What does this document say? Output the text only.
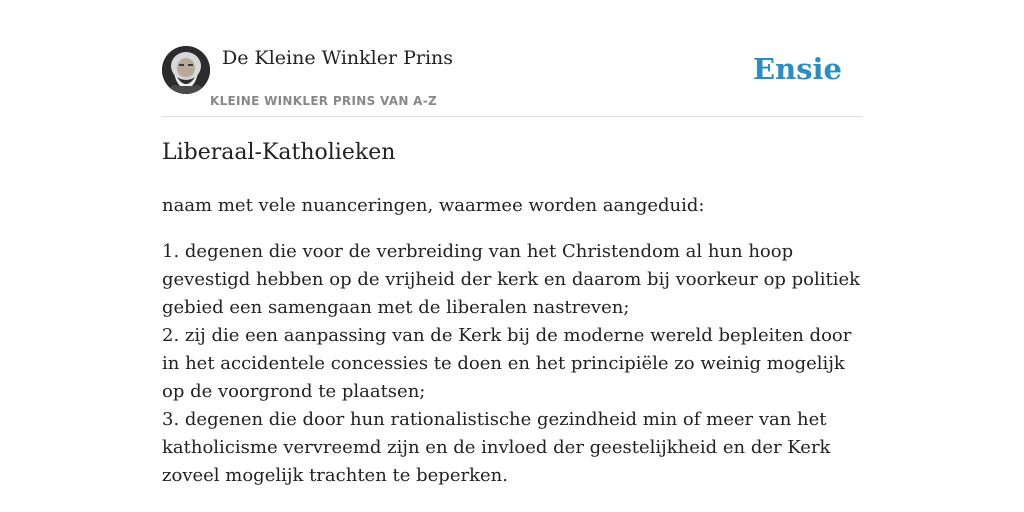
De Kleine Winkler Prins
KLEINE WINKLER PRINS VAN A-Z
Ensie
Liberaal-Katholieken

naam met vele nuanceringen, waarmee worden aangeduid:

1. degenen die voor de verbreiding van het Christendom al hun hoop gevestigd hebben op de vrijheid der kerk en daarom bij voorkeur op politiek gebied een samengaan met de liberalen nastreven;
2. zij die een aanpassing van de Kerk bij de moderne wereld bepleiten door in het accidentele concessies te doen en het principiële zo weinig mogelijk op de voorgrond te plaatsen;
3. degenen die door hun rationalistische gezindheid min of meer van het katholicisme vervreemd zijn en de invloed der geestelijkheid en der Kerk zoveel mogelijk trachten te beperken.
